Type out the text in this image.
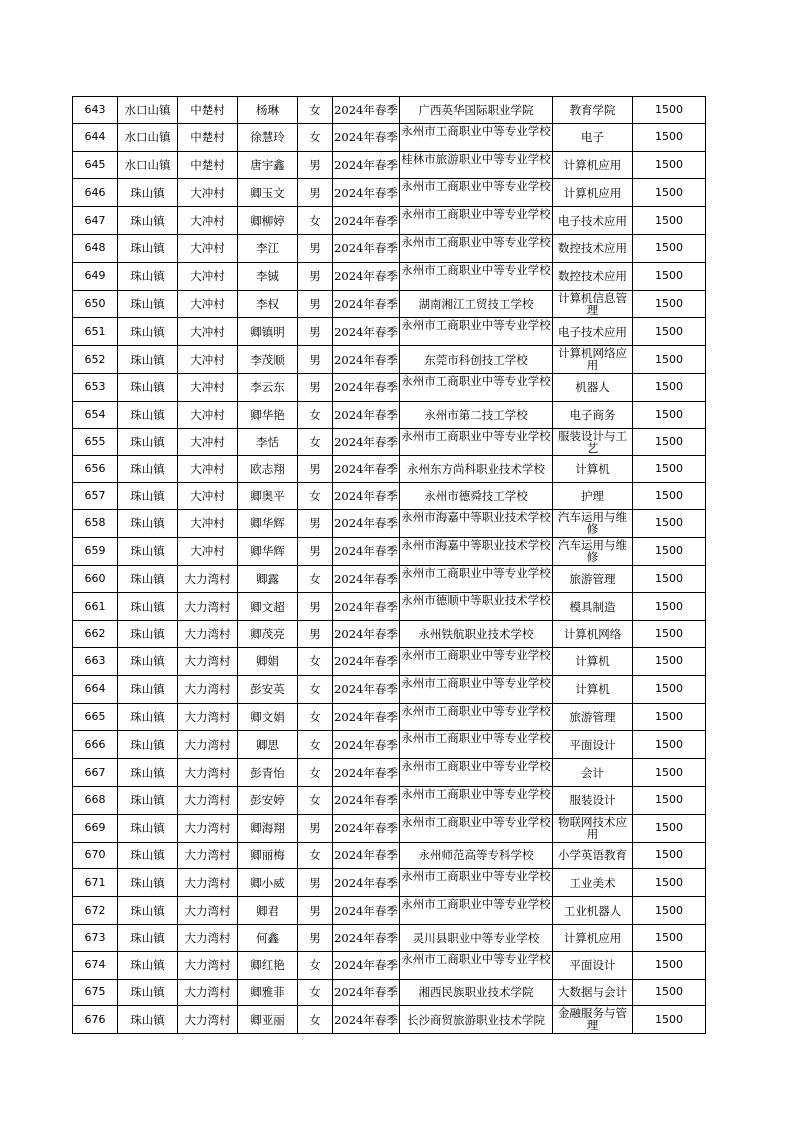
643	水口山镇	中楚村	杨琳	女	2024年春季	广西英华国际职业学院	教育学院	1500
644	水口山镇	中楚村	徐慧玲	女	2024年春季	永州市工商职业中等专业学校	电子	1500
645	水口山镇	中楚村	唐宇鑫	男	2024年春季	桂林市旅游职业中等专业学校	计算机应用	1500
646	珠山镇	大冲村	卿玉文	男	2024年春季	永州市工商职业中等专业学校	计算机应用	1500
647	珠山镇	大冲村	卿柳婷	女	2024年春季	永州市工商职业中等专业学校	电子技术应用	1500
648	珠山镇	大冲村	李江	男	2024年春季	永州市工商职业中等专业学校	数控技术应用	1500
649	珠山镇	大冲村	李铖	男	2024年春季	永州市工商职业中等专业学校	数控技术应用	1500
650	珠山镇	大冲村	李权	男	2024年春季	湖南湘江工贸技工学校	计算机信息管理	1500
651	珠山镇	大冲村	卿镇明	男	2024年春季	永州市工商职业中等专业学校	电子技术应用	1500
652	珠山镇	大冲村	李茂顺	男	2024年春季	东莞市科创技工学校	计算机网络应用	1500
653	珠山镇	大冲村	李云东	男	2024年春季	永州市工商职业中等专业学校	机器人	1500
654	珠山镇	大冲村	卿华艳	女	2024年春季	永州市第二技工学校	电子商务	1500
655	珠山镇	大冲村	李恬	女	2024年春季	永州市工商职业中等专业学校	服装设计与工艺	1500
656	珠山镇	大冲村	欧志翔	男	2024年春季	永州东方尚科职业技术学校	计算机	1500
657	珠山镇	大冲村	卿奥平	女	2024年春季	永州市德舜技工学校	护理	1500
658	珠山镇	大冲村	卿华辉	男	2024年春季	永州市海嘉中等职业技术学校	汽车运用与维修	1500
659	珠山镇	大冲村	卿华辉	男	2024年春季	永州市海嘉中等职业技术学校	汽车运用与维修	1500
660	珠山镇	大力湾村	卿露	女	2024年春季	永州市工商职业中等专业学校	旅游管理	1500
661	珠山镇	大力湾村	卿文超	男	2024年春季	永州市德顺中等职业技术学校	模具制造	1500
662	珠山镇	大力湾村	卿茂亮	男	2024年春季	永州铁航职业技术学校	计算机网络	1500
663	珠山镇	大力湾村	卿娟	女	2024年春季	永州市工商职业中等专业学校	计算机	1500
664	珠山镇	大力湾村	彭安英	女	2024年春季	永州市工商职业中等专业学校	计算机	1500
665	珠山镇	大力湾村	卿文娟	女	2024年春季	永州市工商职业中等专业学校	旅游管理	1500
666	珠山镇	大力湾村	卿思	女	2024年春季	永州市工商职业中等专业学校	平面设计	1500
667	珠山镇	大力湾村	彭青怡	女	2024年春季	永州市工商职业中等专业学校	会计	1500
668	珠山镇	大力湾村	彭安婷	女	2024年春季	永州市工商职业中等专业学校	服装设计	1500
669	珠山镇	大力湾村	卿海翔	男	2024年春季	永州市工商职业中等专业学校	物联网技术应用	1500
670	珠山镇	大力湾村	卿丽梅	女	2024年春季	永州师范高等专科学校	小学英语教育	1500
671	珠山镇	大力湾村	卿小威	男	2024年春季	永州市工商职业中等专业学校	工业美术	1500
672	珠山镇	大力湾村	卿君	男	2024年春季	永州市工商职业中等专业学校	工业机器人	1500
673	珠山镇	大力湾村	何鑫	男	2024年春季	灵川县职业中等专业学校	计算机应用	1500
674	珠山镇	大力湾村	卿红艳	女	2024年春季	永州市工商职业中等专业学校	平面设计	1500
675	珠山镇	大力湾村	卿雅菲	女	2024年春季	湘西民族职业技术学院	大数据与会计	1500
676	珠山镇	大力湾村	卿亚丽	女	2024年春季	长沙商贸旅游职业技术学院	金融服务与管理	1500
